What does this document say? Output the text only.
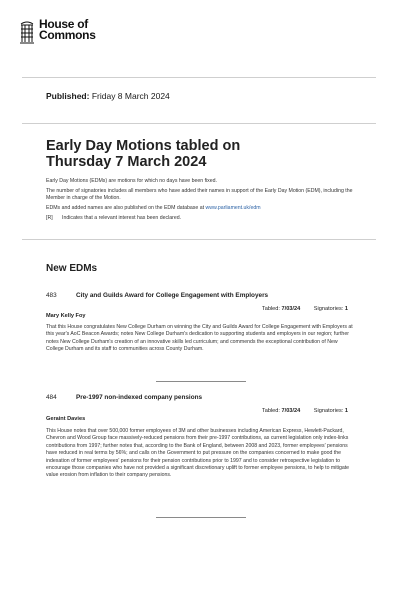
House of
Commons
Published: Friday 8 March 2024
Early Day Motions tabled on
Thursday 7 March 2024

Early Day Motions (EDMs) are motions for which no days have been fixed.

The number of signatories includes all members who have added their names in support of the Early Day Motion (EDM), including the Member in charge of the Motion.

EDMs and added names are also published on the EDM database at www.parliament.uk/edm

[R] Indicates that a relevant interest has been declared.

New EDMs
483	City and Guilds Award for College Engagement with Employers
Tabled: 7/03/24 Signatories: 1
Mary Kelly Foy
That this House congratulates New College Durham on winning the City and Guilds Award for College Engagement with Employers at this year's AoC Beacon Awards; notes New College Durham's dedication to supporting students and employers in our region; further notes New College Durham's creation of an innovative skills led curriculum; and commends the exceptional contribution of New College Durham and its staff to communities across County Durham.
484	Pre-1997 non-indexed company pensions
Tabled: 7/03/24 Signatories: 1
Geraint Davies
This House notes that over 500,000 former employees of 3M and other businesses including American Express, Hewlett-Packard, Chevron and Wood Group face massively-reduced pensions from their pre-1997 contributions, as current legislation only index-links contributions from 1997; further notes that, according to the Bank of England, between 2008 and 2023, former employees' pensions have reduced in real terms by 56%; and calls on the Government to put pressure on the companies concerned to make good the indexation of former employees' pensions for their pension contributions prior to 1997 and to consider retrospective legislation to encourage those companies who have not provided a significant discretionary uplift to former employee pensions, to help to mitigate value erosion from inflation to their company pensions.
